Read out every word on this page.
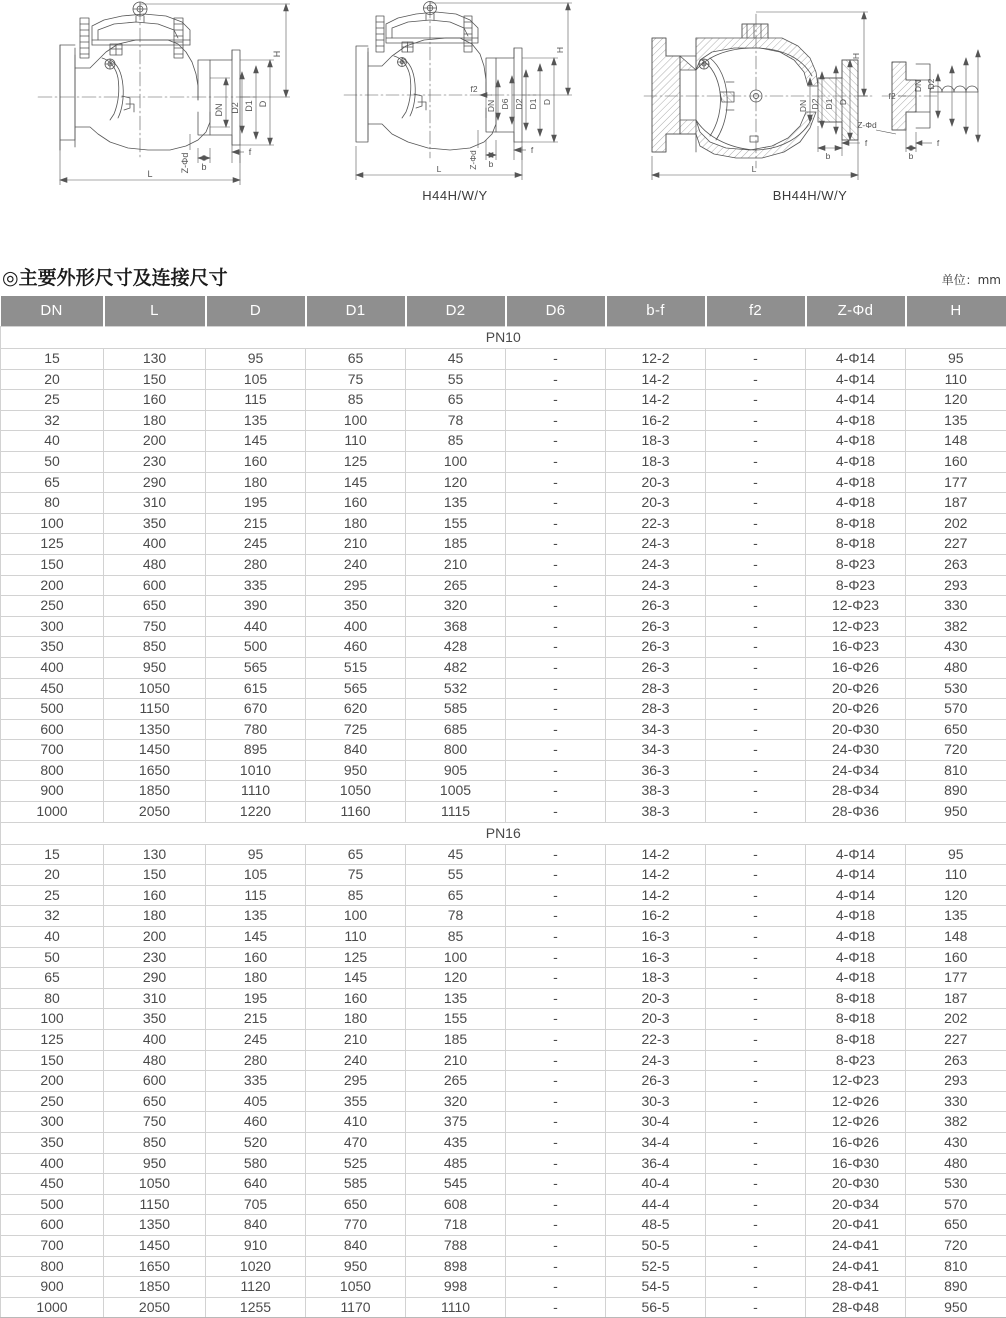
H
D
D1
D2
DN
L
b
f
Z-Φd
H
D
D1
D2
D6
DN
f2
L	b
f
Z-Φd
H44H/W/Y
H
D
D1
D2
DN
L
b
f
b
f
f2
Z-Φd
DN D2
BH44H/W/Y
◎主要外形尺寸及连接尺寸	单位：mm
DN	L	D	D1	D2	D6	b-f	f2	Z-Φd	H
PN10									
15	130	95	65	45	-	12-2	-	4-Φ14	95
20	150	105	75	55	-	14-2	-	4-Φ14	110
25	160	115	85	65	-	14-2	-	4-Φ14	120
32	180	135	100	78	-	16-2	-	4-Φ18	135
40	200	145	110	85	-	18-3	-	4-Φ18	148
50	230	160	125	100	-	18-3	-	4-Φ18	160
65	290	180	145	120	-	20-3	-	4-Φ18	177
80	310	195	160	135	-	20-3	-	4-Φ18	187
100	350	215	180	155	-	22-3	-	8-Φ18	202
125	400	245	210	185	-	24-3	-	8-Φ18	227
150	480	280	240	210	-	24-3	-	8-Φ23	263
200	600	335	295	265	-	24-3	-	8-Φ23	293
250	650	390	350	320	-	26-3	-	12-Φ23	330
300	750	440	400	368	-	26-3	-	12-Φ23	382
350	850	500	460	428	-	26-3	-	16-Φ23	430
400	950	565	515	482	-	26-3	-	16-Φ26	480
450	1050	615	565	532	-	28-3	-	20-Φ26	530
500	1150	670	620	585	-	28-3	-	20-Φ26	570
600	1350	780	725	685	-	34-3	-	20-Φ30	650
700	1450	895	840	800	-	34-3	-	24-Φ30	720
800	1650	1010	950	905	-	36-3	-	24-Φ34	810
900	1850	1110	1050	1005	-	38-3	-	28-Φ34	890
1000	2050	1220	1160	1115	-	38-3	-	28-Φ36	950
PN16									
15	130	95	65	45	-	14-2	-	4-Φ14	95
20	150	105	75	55	-	14-2	-	4-Φ14	110
25	160	115	85	65	-	14-2	-	4-Φ14	120
32	180	135	100	78	-	16-2	-	4-Φ18	135
40	200	145	110	85	-	16-3	-	4-Φ18	148
50	230	160	125	100	-	16-3	-	4-Φ18	160
65	290	180	145	120	-	18-3	-	4-Φ18	177
80	310	195	160	135	-	20-3	-	8-Φ18	187
100	350	215	180	155	-	20-3	-	8-Φ18	202
125	400	245	210	185	-	22-3	-	8-Φ18	227
150	480	280	240	210	-	24-3	-	8-Φ23	263
200	600	335	295	265	-	26-3	-	12-Φ23	293
250	650	405	355	320	-	30-3	-	12-Φ26	330
300	750	460	410	375	-	30-4	-	12-Φ26	382
350	850	520	470	435	-	34-4	-	16-Φ26	430
400	950	580	525	485	-	36-4	-	16-Φ30	480
450	1050	640	585	545	-	40-4	-	20-Φ30	530
500	1150	705	650	608	-	44-4	-	20-Φ34	570
600	1350	840	770	718	-	48-5	-	20-Φ41	650
700	1450	910	840	788	-	50-5	-	24-Φ41	720
800	1650	1020	950	898	-	52-5	-	24-Φ41	810
900	1850	1120	1050	998	-	54-5	-	28-Φ41	890
1000	2050	1255	1170	1110	-	56-5	-	28-Φ48	950
